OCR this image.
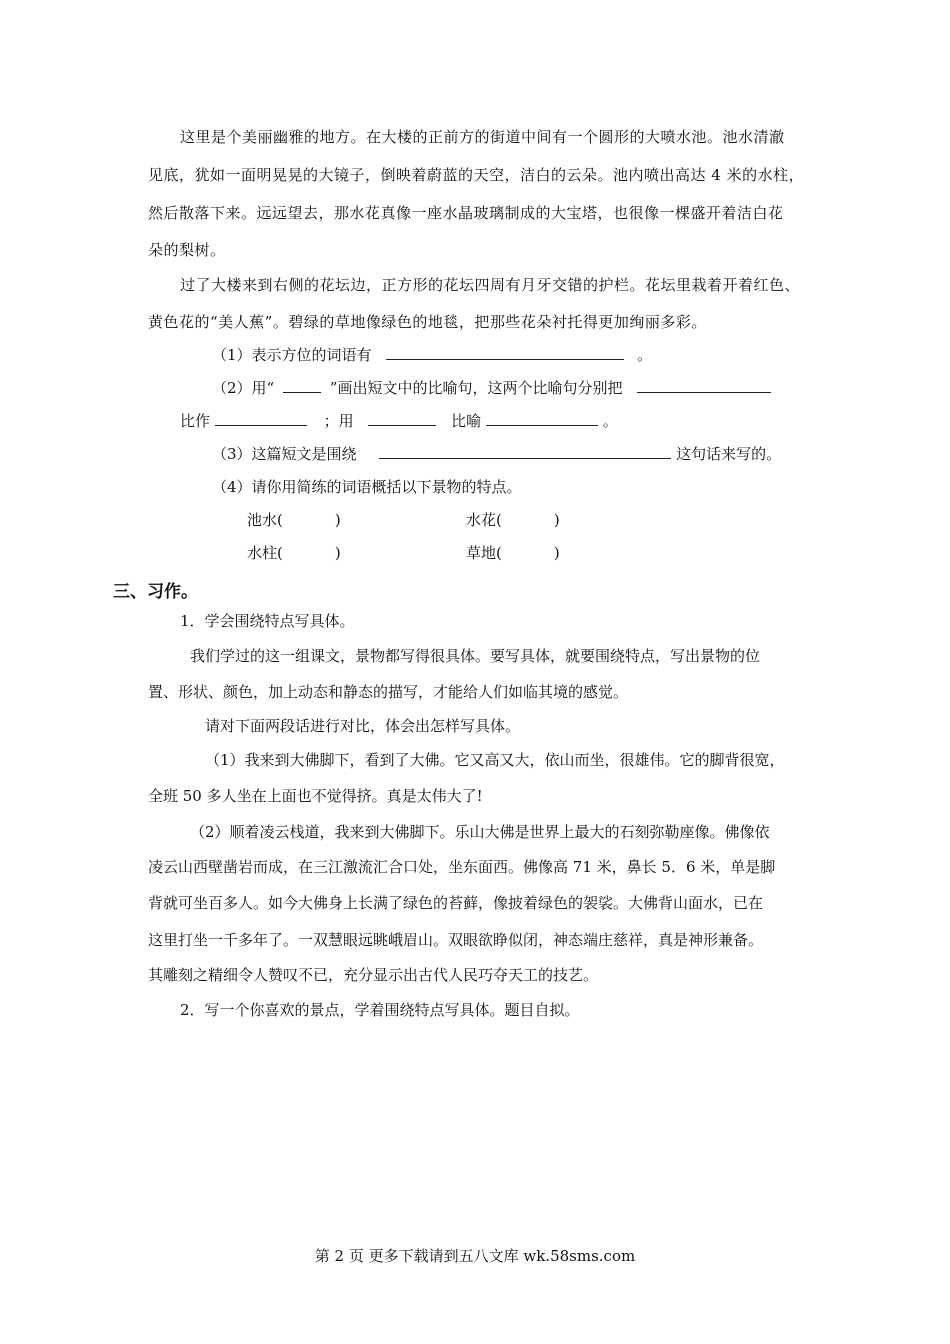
这里是个美丽幽雅的地方。在大楼的正前方的街道中间有一个圆形的大喷水池。池水清澈
见底，犹如一面明晃晃的大镜子，倒映着蔚蓝的天空，洁白的云朵。池内喷出高达 4 米的水柱，
然后散落下来。远远望去，那水花真像一座水晶玻璃制成的大宝塔，也很像一棵盛开着洁白花
朵的梨树。
过了大楼来到右侧的花坛边，正方形的花坛四周有月牙交错的护栏。花坛里栽着开着红色、
黄色花的“美人蕉”。碧绿的草地像绿色的地毯，把那些花朵衬托得更加绚丽多彩。
（1）表示方位的词语有	。
（2）用“	”画出短文中的比喻句，这两个比喻句分别把
比作	；用	比喻	。
（3）这篇短文是围绕	这句话来写的。
（4）请你用简练的词语概括以下景物的特点。
池水(	)	水花(	)
水柱(	)	草地(	)
三、习作。
1．学会围绕特点写具体。
我们学过的这一组课文，景物都写得很具体。要写具体，就要围绕特点，写出景物的位
置、形状、颜色，加上动态和静态的描写，才能给人们如临其境的感觉。
请对下面两段话进行对比，体会出怎样写具体。
（1）我来到大佛脚下，看到了大佛。它又高又大，依山而坐，很雄伟。它的脚背很宽，
全班 50 多人坐在上面也不觉得挤。真是太伟大了!
（2）顺着凌云栈道，我来到大佛脚下。乐山大佛是世界上最大的石刻弥勒座像。佛像依
凌云山西壁凿岩而成，在三江激流汇合口处，坐东面西。佛像高 71 米，鼻长 5．6 米，单是脚
背就可坐百多人。如今大佛身上长满了绿色的苔藓，像披着绿色的袈裟。大佛背山面水，已在
这里打坐一千多年了。一双慧眼远眺峨眉山。双眼欲睁似闭，神态端庄慈祥，真是神形兼备。
其雕刻之精细令人赞叹不已，充分显示出古代人民巧夺天工的技艺。
2．写一个你喜欢的景点，学着围绕特点写具体。题目自拟。
第 2 页 更多下载请到五八文库 wk.58sms.com
